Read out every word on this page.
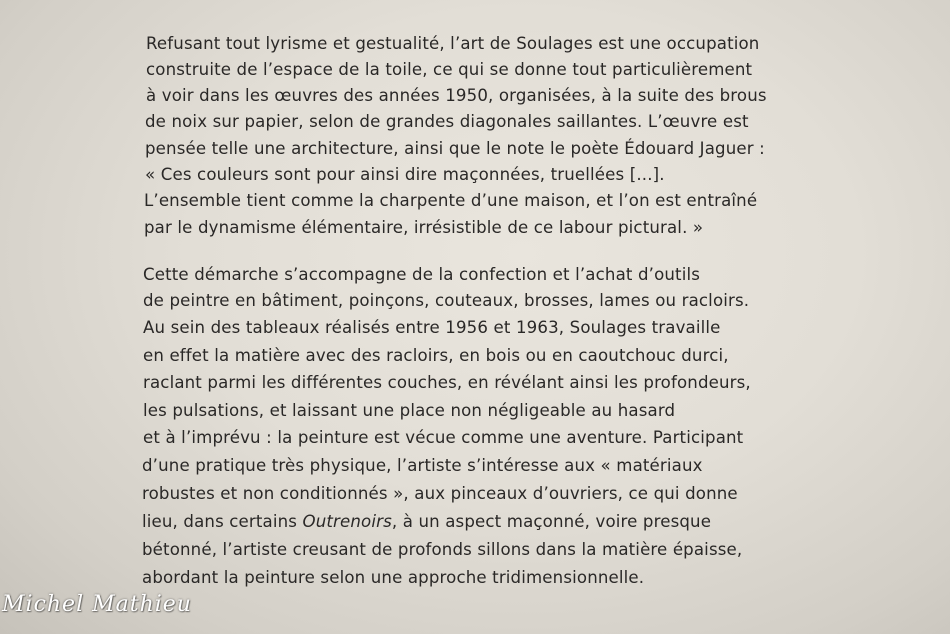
Refusant tout lyrisme et gestualité, l’art de Soulages est une occupation
construite de l’espace de la toile, ce qui se donne tout particulièrement
à voir dans les œuvres des années 1950, organisées, à la suite des brous
de noix sur papier, selon de grandes diagonales saillantes. L’œuvre est
pensée telle une architecture, ainsi que le note le poète Édouard Jaguer :
« Ces couleurs sont pour ainsi dire maçonnées, truellées [...].
L’ensemble tient comme la charpente d’une maison, et l’on est entraîné
par le dynamisme élémentaire, irrésistible de ce labour pictural. »
Cette démarche s’accompagne de la confection et l’achat d’outils
de peintre en bâtiment, poinçons, couteaux, brosses, lames ou racloirs.
Au sein des tableaux réalisés entre 1956 et 1963, Soulages travaille
en effet la matière avec des racloirs, en bois ou en caoutchouc durci,
raclant parmi les différentes couches, en révélant ainsi les profondeurs,
les pulsations, et laissant une place non négligeable au hasard
et à l’imprévu : la peinture est vécue comme une aventure. Participant
d’une pratique très physique, l’artiste s’intéresse aux « matériaux
robustes et non conditionnés », aux pinceaux d’ouvriers, ce qui donne
lieu, dans certains Outrenoirs, à un aspect maçonné, voire presque
bétonné, l’artiste creusant de profonds sillons dans la matière épaisse,
abordant la peinture selon une approche tridimensionnelle.
Michel Mathieu
